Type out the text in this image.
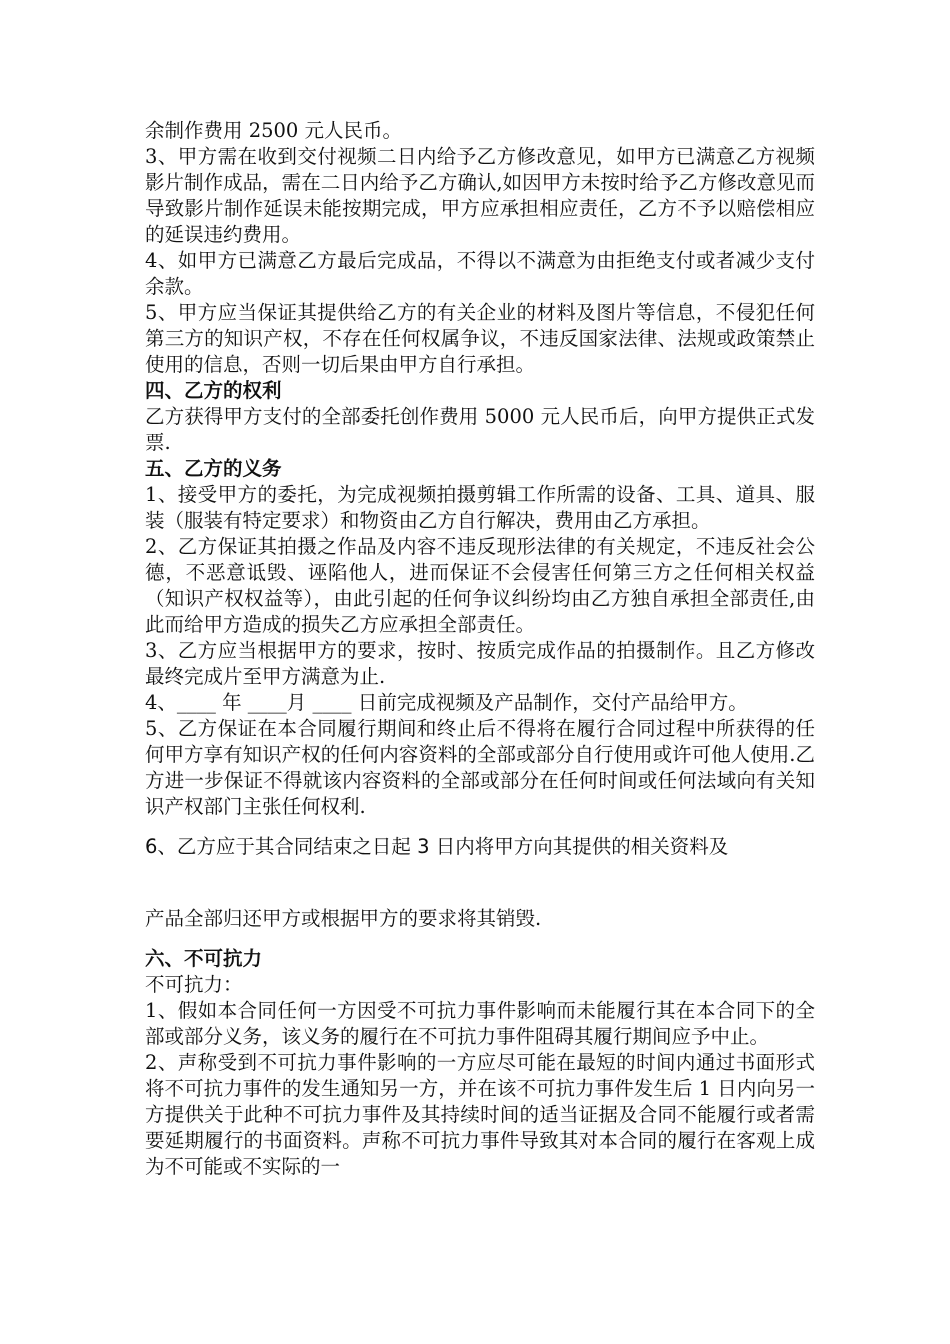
余制作费用 2500 元人民币。

3、甲方需在收到交付视频二日内给予乙方修改意见，如甲方已满意乙方视频影片制作成品，需在二日内给予乙方确认,如因甲方未按时给予乙方修改意见而导致影片制作延误未能按期完成，甲方应承担相应责任，乙方不予以赔偿相应的延误违约费用。

4、如甲方已满意乙方最后完成品，不得以不满意为由拒绝支付或者减少支付余款。

5、甲方应当保证其提供给乙方的有关企业的材料及图片等信息，不侵犯任何第三方的知识产权，不存在任何权属争议，不违反国家法律、法规或政策禁止使用的信息，否则一切后果由甲方自行承担。

四、乙方的权利

乙方获得甲方支付的全部委托创作费用 5000 元人民币后，向甲方提供正式发票.

五、乙方的义务

1、接受甲方的委托，为完成视频拍摄剪辑工作所需的设备、工具、道具、服装（服装有特定要求）和物资由乙方自行解决，费用由乙方承担。

2、乙方保证其拍摄之作品及内容不违反现形法律的有关规定，不违反社会公德，不恶意诋毁、诬陷他人，进而保证不会侵害任何第三方之任何相关权益（知识产权权益等），由此引起的任何争议纠纷均由乙方独自承担全部责任,由此而给甲方造成的损失乙方应承担全部责任。

3、乙方应当根据甲方的要求，按时、按质完成作品的拍摄制作。且乙方修改最终完成片至甲方满意为止.

4、____ 年 ____月 ____ 日前完成视频及产品制作，交付产品给甲方。

5、乙方保证在本合同履行期间和终止后不得将在履行合同过程中所获得的任何甲方享有知识产权的任何内容资料的全部或部分自行使用或许可他人使用.乙方进一步保证不得就该内容资料的全部或部分在任何时间或任何法域向有关知识产权部门主张任何权利.

6、乙方应于其合同结束之日起 3 日内将甲方向其提供的相关资料及

产品全部归还甲方或根据甲方的要求将其销毁.

六、不可抗力

不可抗力：

1、假如本合同任何一方因受不可抗力事件影响而未能履行其在本合同下的全部或部分义务，该义务的履行在不可抗力事件阻碍其履行期间应予中止。

2、声称受到不可抗力事件影响的一方应尽可能在最短的时间内通过书面形式将不可抗力事件的发生通知另一方，并在该不可抗力事件发生后 1 日内向另一方提供关于此种不可抗力事件及其持续时间的适当证据及合同不能履行或者需要延期履行的书面资料。声称不可抗力事件导致其对本合同的履行在客观上成为不可能或不实际的一
